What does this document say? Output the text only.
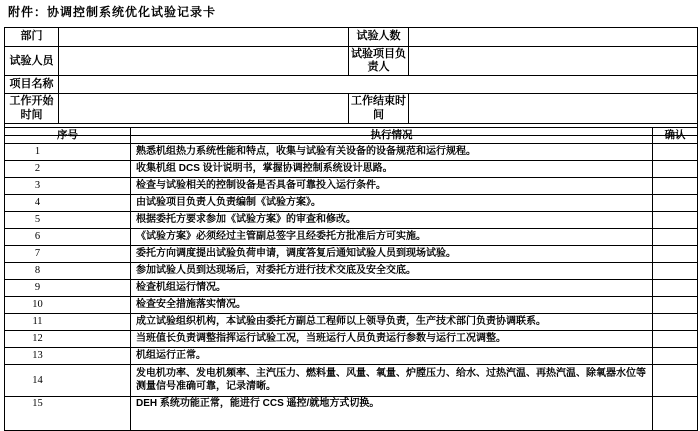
附件：协调控制系统优化试验记录卡
部门		试验人数	
试验人员		试验项目负责人	
项目名称			
工作开始时间		工作结束时间	

序号	执行情况	确认
1	熟悉机组热力系统性能和特点，收集与试验有关设备的设备规范和运行规程。	
2	收集机组 DCS 设计说明书，掌握协调控制系统设计思路。	
3	检查与试验相关的控制设备是否具备可靠投入运行条件。	
4	由试验项目负责人负责编制《试验方案》。	
5	根据委托方要求参加《试验方案》的审查和修改。	
6	《试验方案》必须经过主管副总签字且经委托方批准后方可实施。	
7	委托方向调度提出试验负荷申请，调度答复后通知试验人员到现场试验。	
8	参加试验人员到达现场后，对委托方进行技术交底及安全交底。	
9	检查机组运行情况。	
10	检查安全措施落实情况。	
11	成立试验组织机构，本试验由委托方副总工程师以上领导负责，生产技术部门负责协调联系。	
12	当班值长负责调整指挥运行试验工况，当班运行人员负责运行参数与运行工况调整。	
13	机组运行正常。	
14	发电机功率、发电机频率、主汽压力、燃料量、风量、氧量、炉膛压力、给水、过热汽温、再热汽温、除氧器水位等测量信号准确可靠，记录清晰。	
15	DEH 系统功能正常，能进行 CCS 遥控/就地方式切换。	
